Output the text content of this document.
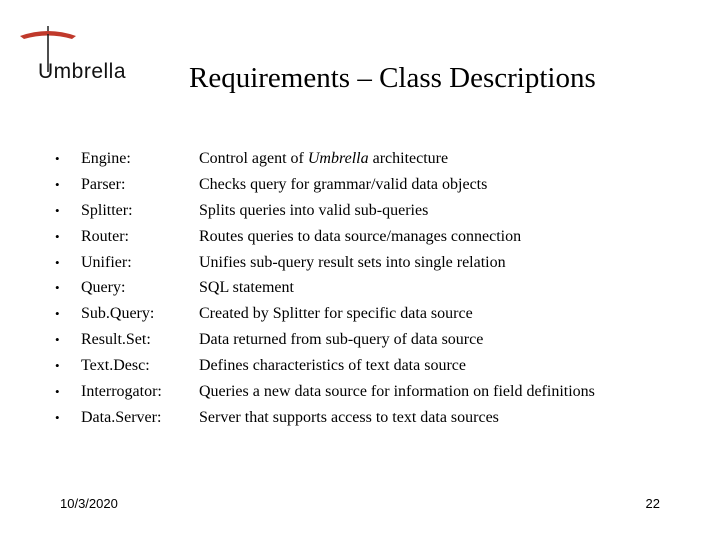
Umbrella Requirements – Class Descriptions
• Engine:	Control agent of Umbrella architecture
• Parser:	Checks query for grammar/valid data objects
• Splitter:	Splits queries into valid sub-queries
• Router:	Routes queries to data source/manages connection
• Unifier:	Unifies sub-query result sets into single relation
• Query:	SQL statement
• Sub.Query:	Created by Splitter for specific data source
• Result.Set:	Data returned from sub-query of data source
• Text.Desc:	Defines characteristics of text data source
• Interrogator: Queries a new data source for information on field definitions
• Data.Server: Server that supports access to text data sources
10/3/2020	22
